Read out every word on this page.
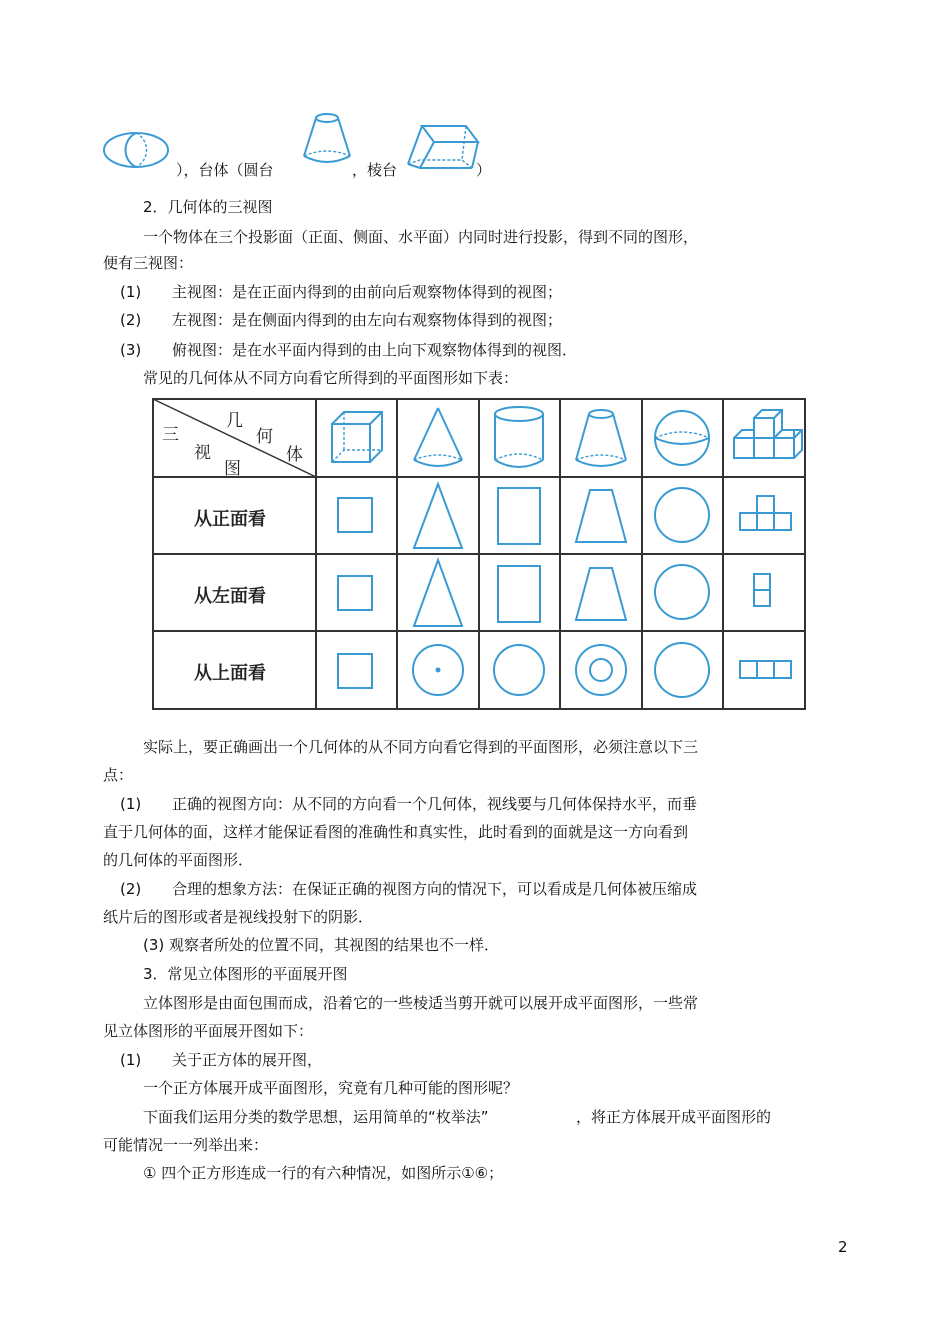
），台体（圆台	，棱台	）
2．几何体的三视图
一个物体在三个投影面（正面、侧面、水平面）内同时进行投影，得到不同的图形，
便有三视图：
(1) 主视图：是在正面内得到的由前向后观察物体得到的视图；
(2) 左视图：是在侧面内得到的由左向右观察物体得到的视图；
(3) 俯视图：是在水平面内得到的由上向下观察物体得到的视图．
常见的几何体从不同方向看它所得到的平面图形如下表：
三
视
图
几
何
体
从正面看
从左面看
从上面看
实际上，要正确画出一个几何体的从不同方向看它得到的平面图形，必须注意以下三
点：
(1) 正确的视图方向：从不同的方向看一个几何体，视线要与几何体保持水平，而垂
直于几何体的面，这样才能保证看图的准确性和真实性，此时看到的面就是这一方向看到
的几何体的平面图形．
(2) 合理的想象方法：在保证正确的视图方向的情况下，可以看成是几何体被压缩成
纸片后的图形或者是视线投射下的阴影．
(3) 观察者所处的位置不同，其视图的结果也不一样．
3．常见立体图形的平面展开图
立体图形是由面包围而成，沿着它的一些棱适当剪开就可以展开成平面图形，一些常
见立体图形的平面展开图如下：
(1) 关于正方体的展开图，
一个正方体展开成平面图形，究竟有几种可能的图形呢？
下面我们运用分类的数学思想，运用简单的“枚举法”	，将正方体展开成平面图形的
可能情况一一列举出来：
① 四个正方形连成一行的有六种情况，如图所示①⑥；
2
